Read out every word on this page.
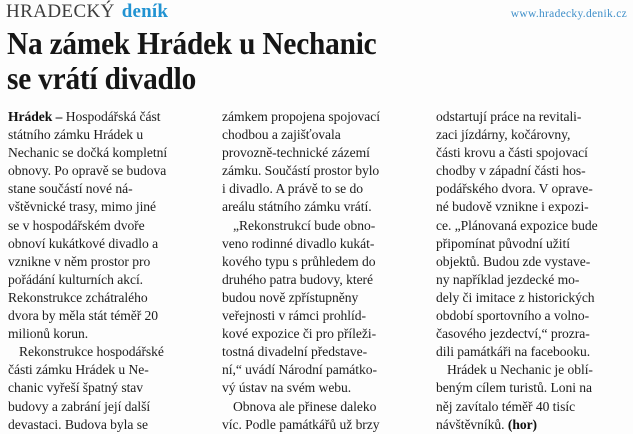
HRADECKÝ deník	www.hradecky.denik.cz
Na zámek Hrádek u Nechanic
se vrátí divadlo
Hrádek – Hospodářská část
státního zámku Hrádek u
Nechanic se dočká kompletní
obnovy. Po opravě se budova
stane součástí nové ná-
vštěvnické trasy, mimo jiné
se v hospodářském dvoře
obnoví kukátkové divadlo a
vznikne v něm prostor pro
pořádání kulturních akcí.
Rekonstrukce zchátralého
dvora by měla stát téměř 20
milionů korun.
Rekonstrukce hospodářské
části zámku Hrádek u Ne-
chanic vyřeší špatný stav
budovy a zabrání její další
devastaci. Budova byla se
zámkem propojena spojovací
chodbou a zajišťovala
provozně-technické zázemí
zámku. Součástí prostor bylo
i divadlo. A právě to se do
areálu státního zámku vrátí.
„Rekonstrukcí bude obno-
veno rodinné divadlo kukát-
kového typu s průhledem do
druhého patra budovy, které
budou nově zpřístupněny
veřejnosti v rámci prohlíd-
kové expozice či pro příleži-
tostná divadelní představe-
ní,“ uvádí Národní památko-
vý ústav na svém webu.
Obnova ale přinese daleko
víc. Podle památkářů už brzy
odstartují práce na revitali-
zaci jízdárny, kočárovny,
části krovu a části spojovací
chodby v západní části hos-
podářského dvora. V oprave-
né budově vznikne i expozi-
ce. „Plánovaná expozice bude
připomínat původní užití
objektů. Budou zde vystave-
ny například jezdecké mo-
dely či imitace z historických
období sportovního a volno-
časového jezdectví,“ prozra-
dili památkáři na facebooku.
Hrádek u Nechanic je oblí-
beným cílem turistů. Loni na
něj zavítalo téměř 40 tisíc
návštěvníků. (hor)
